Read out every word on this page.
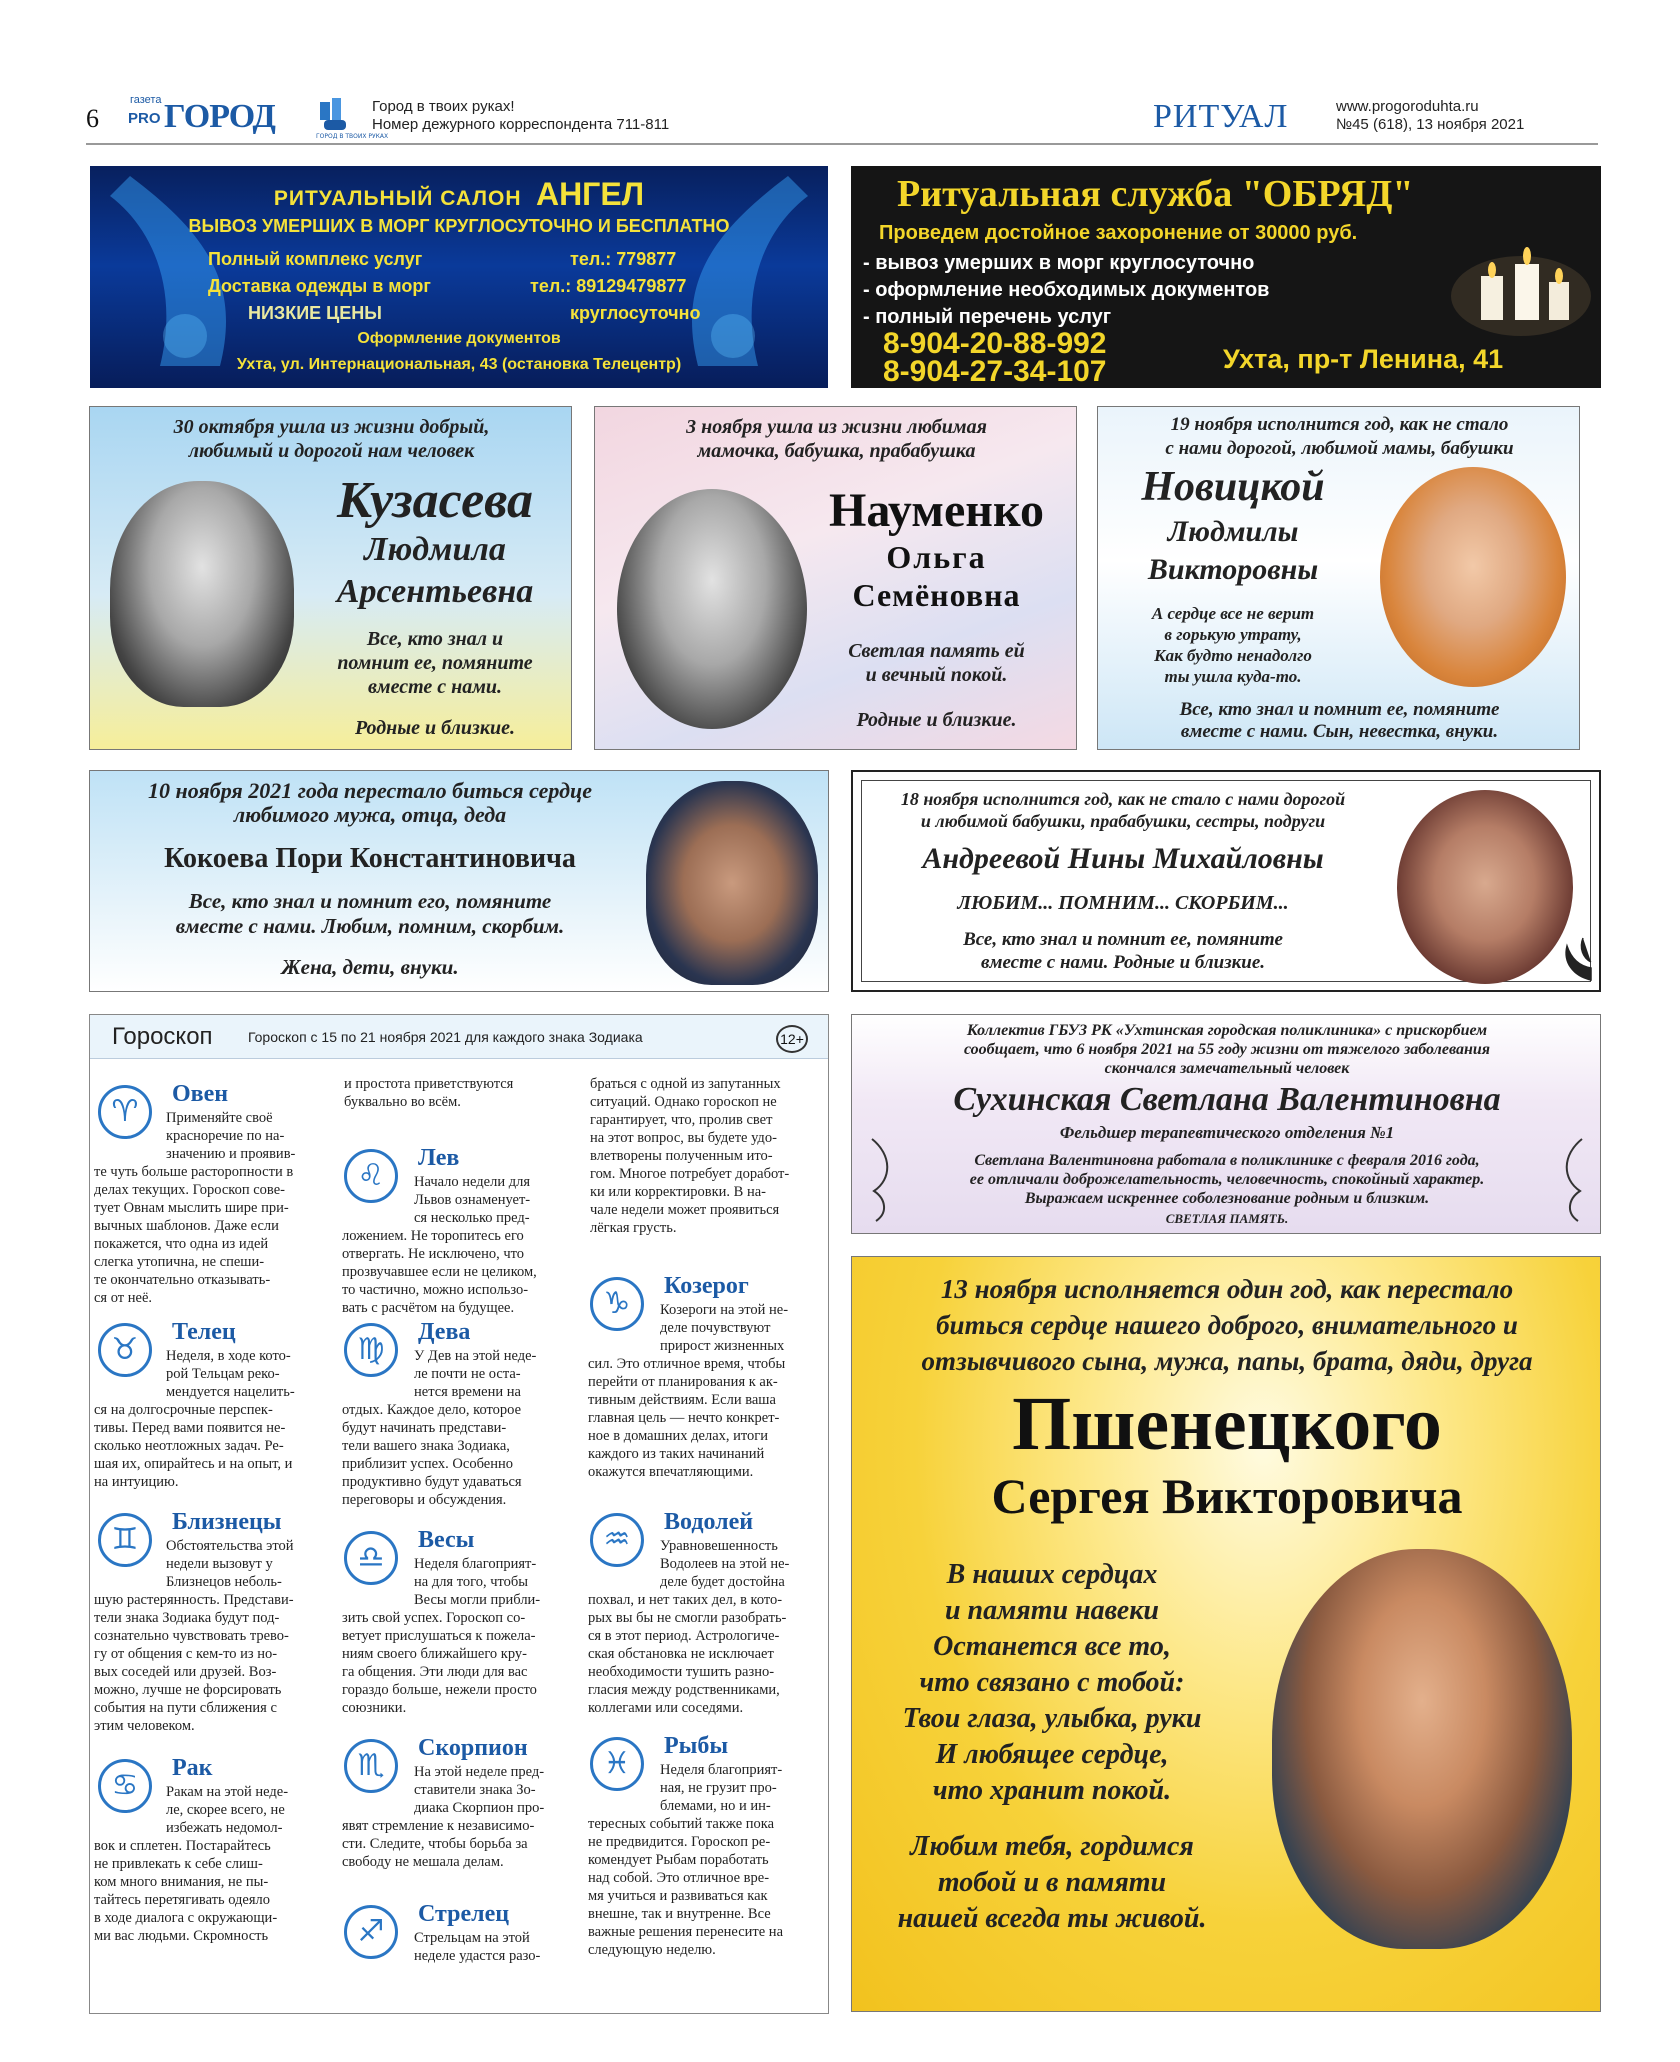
6
газета
PRO ГОРОД
ГОРОД В ТВОИХ РУКАХ
Город в твоих руках!
Номер дежурного корреспондента 711-811	РИТУАЛ	www.progoroduhta.ru
№45 (618), 13 ноября 2021
РИТУАЛЬНЫЙ САЛОН АНГЕЛ
ВЫВОЗ УМЕРШИХ В МОРГ КРУГЛОСУТОЧНО И БЕСПЛАТНО
Полный комплекс услуг
Доставка одежды в морг
НИЗКИЕ ЦЕНЫ
тел.: 779877
тел.: 89129479877
круглосуточно
Оформление документов
Ухта, ул. Интернациональная, 43 (остановка Телецентр)
Ритуальная служба "ОБРЯД"
Проведем достойное захоронение от 30000 руб.
- вывоз умерших в морг круглосуточно
- оформление необходимых документов
- полный перечень услуг
8-904-20-88-992
8-904-27-34-107	Ухта, пр-т Ленина, 41
30 октября ушла из жизни добрый,
любимый и дорогой нам человек
Кузасева
Людмила
Арсентьевна
Все, кто знал и
помнит ее, помяните
вместе с нами.
Родные и близкие.
3 ноября ушла из жизни любимая
мамочка, бабушка, прабабушка
Науменко
Ольга
Семёновна
Светлая память ей
и вечный покой.
Родные и близкие.
19 ноября исполнится год, как не стало
с нами дорогой, любимой мамы, бабушки
Новицкой
Людмилы
Викторовны
А сердце все не верит
в горькую утрату,
Как будто ненадолго
ты ушла куда-то.
Все, кто знал и помнит ее, помяните
вместе с нами. Сын, невестка, внуки.
10 ноября 2021 года перестало биться сердце
любимого мужа, отца, деда
Кокоева Пори Константиновича
Все, кто знал и помнит его, помяните
вместе с нами. Любим, помним, скорбим.
Жена, дети, внуки.
18 ноября исполнится год, как не стало с нами дорогой
и любимой бабушки, прабабушки, сестры, подруги
Андреевой Нины Михайловны
ЛЮБИМ... ПОМНИМ... СКОРБИМ...
Все, кто знал и помнит ее, помяните
вместе с нами. Родные и близкие.
Гороскоп	Гороскоп с 15 по 21 ноября 2021 для каждого знака Зодиака	12+
♈	Овен
Применяйте своё
красноречие по на-
значению и проявив-
те чуть больше расторопности в
делах текущих. Гороскоп сове-
тует Овнам мыслить шире при-
вычных шаблонов. Даже если
покажется, что одна из идей
слегка утопична, не спеши-
те окончательно отказывать-
ся от неё.
♉	Телец
Неделя, в ходе кото-
рой Тельцам реко-
мендуется нацелить-
ся на долгосрочные перспек-
тивы. Перед вами появится не-
сколько неотложных задач. Ре-
шая их, опирайтесь и на опыт, и
на интуицию.
♊	Близнецы
Обстоятельства этой
недели вызовут у
Близнецов неболь-
шую растерянность. Представи-
тели знака Зодиака будут под-
сознательно чувствовать трево-
гу от общения с кем-то из но-
вых соседей или друзей. Воз-
можно, лучше не форсировать
события на пути сближения с
этим человеком.
♋	Рак
Ракам на этой неде-
ле, скорее всего, не
избежать недомол-
вок и сплетен. Постарайтесь
не привлекать к себе слиш-
ком много внимания, не пы-
тайтесь перетягивать одеяло
в ходе диалога с окружающи-
ми вас людьми. Скромность
и простота приветствуются
буквально во всём.
♌	Лев
Начало недели для
Львов ознаменует-
ся несколько пред-
ложением. Не торопитесь его
отвергать. Не исключено, что
прозвучавшее если не целиком,
то частично, можно использо-
вать с расчётом на будущее.
♍	Дева
У Дев на этой неде-
ле почти не оста-
нется времени на
отдых. Каждое дело, которое
будут начинать представи-
тели вашего знака Зодиака,
приблизит успех. Особенно
продуктивно будут удаваться
переговоры и обсуждения.
♎	Весы
Неделя благоприят-
на для того, чтобы
Весы могли прибли-
зить свой успех. Гороскоп со-
ветует прислушаться к пожела-
ниям своего ближайшего кру-
га общения. Эти люди для вас
гораздо больше, нежели просто
союзники.
♏	Скорпион
На этой неделе пред-
ставители знака Зо-
диака Скорпион про-
явят стремление к независимо-
сти. Следите, чтобы борьба за
свободу не мешала делам.
♐	Стрелец
Стрельцам на этой
неделе удастся разо-
браться с одной из запутанных
ситуаций. Однако гороскоп не
гарантирует, что, пролив свет
на этот вопрос, вы будете удо-
влетворены полученным ито-
гом. Многое потребует доработ-
ки или корректировки. В на-
чале недели может проявиться
лёгкая грусть.
♑	Козерог
Козероги на этой не-
деле почувствуют
прирост жизненных
сил. Это отличное время, чтобы
перейти от планирования к ак-
тивным действиям. Если ваша
главная цель — нечто конкрет-
ное в домашних делах, итоги
каждого из таких начинаний
окажутся впечатляющими.
♒	Водолей
Уравновешенность
Водолеев на этой не-
деле будет достойна
похвал, и нет таких дел, в кото-
рых вы бы не смогли разобрать-
ся в этот период. Астрологиче-
ская обстановка не исключает
необходимости тушить разно-
гласия между родственниками,
коллегами или соседями.
♓	Рыбы
Неделя благоприят-
ная, не грузит про-
блемами, но и ин-
тересных событий также пока
не предвидится. Гороскоп ре-
комендует Рыбам поработать
над собой. Это отличное вре-
мя учиться и развиваться как
внешне, так и внутренне. Все
важные решения перенесите на
следующую неделю.
Коллектив ГБУЗ РК «Ухтинская городская поликлиника» с прискорбием
сообщает, что 6 ноября 2021 на 55 году жизни от тяжелого заболевания
скончался замечательный человек
Сухинская Светлана Валентиновна
Фельдшер терапевтического отделения №1
Светлана Валентиновна работала в поликлинике с февраля 2016 года,
ее отличали доброжелательность, человечность, спокойный характер.
Выражаем искреннее соболезнование родным и близким.
СВЕТЛАЯ ПАМЯТЬ.
13 ноября исполняется один год, как перестало
биться сердце нашего доброго, внимательного и
отзывчивого сына, мужа, папы, брата, дяди, друга
Пшенецкого
Сергея Викторовича
В наших сердцах
и памяти навеки
Останется все то,
что связано с тобой:
Твои глаза, улыбка, руки
И любящее сердце,
что хранит покой.
Любим тебя, гордимся
тобой и в памяти
нашей всегда ты живой.
